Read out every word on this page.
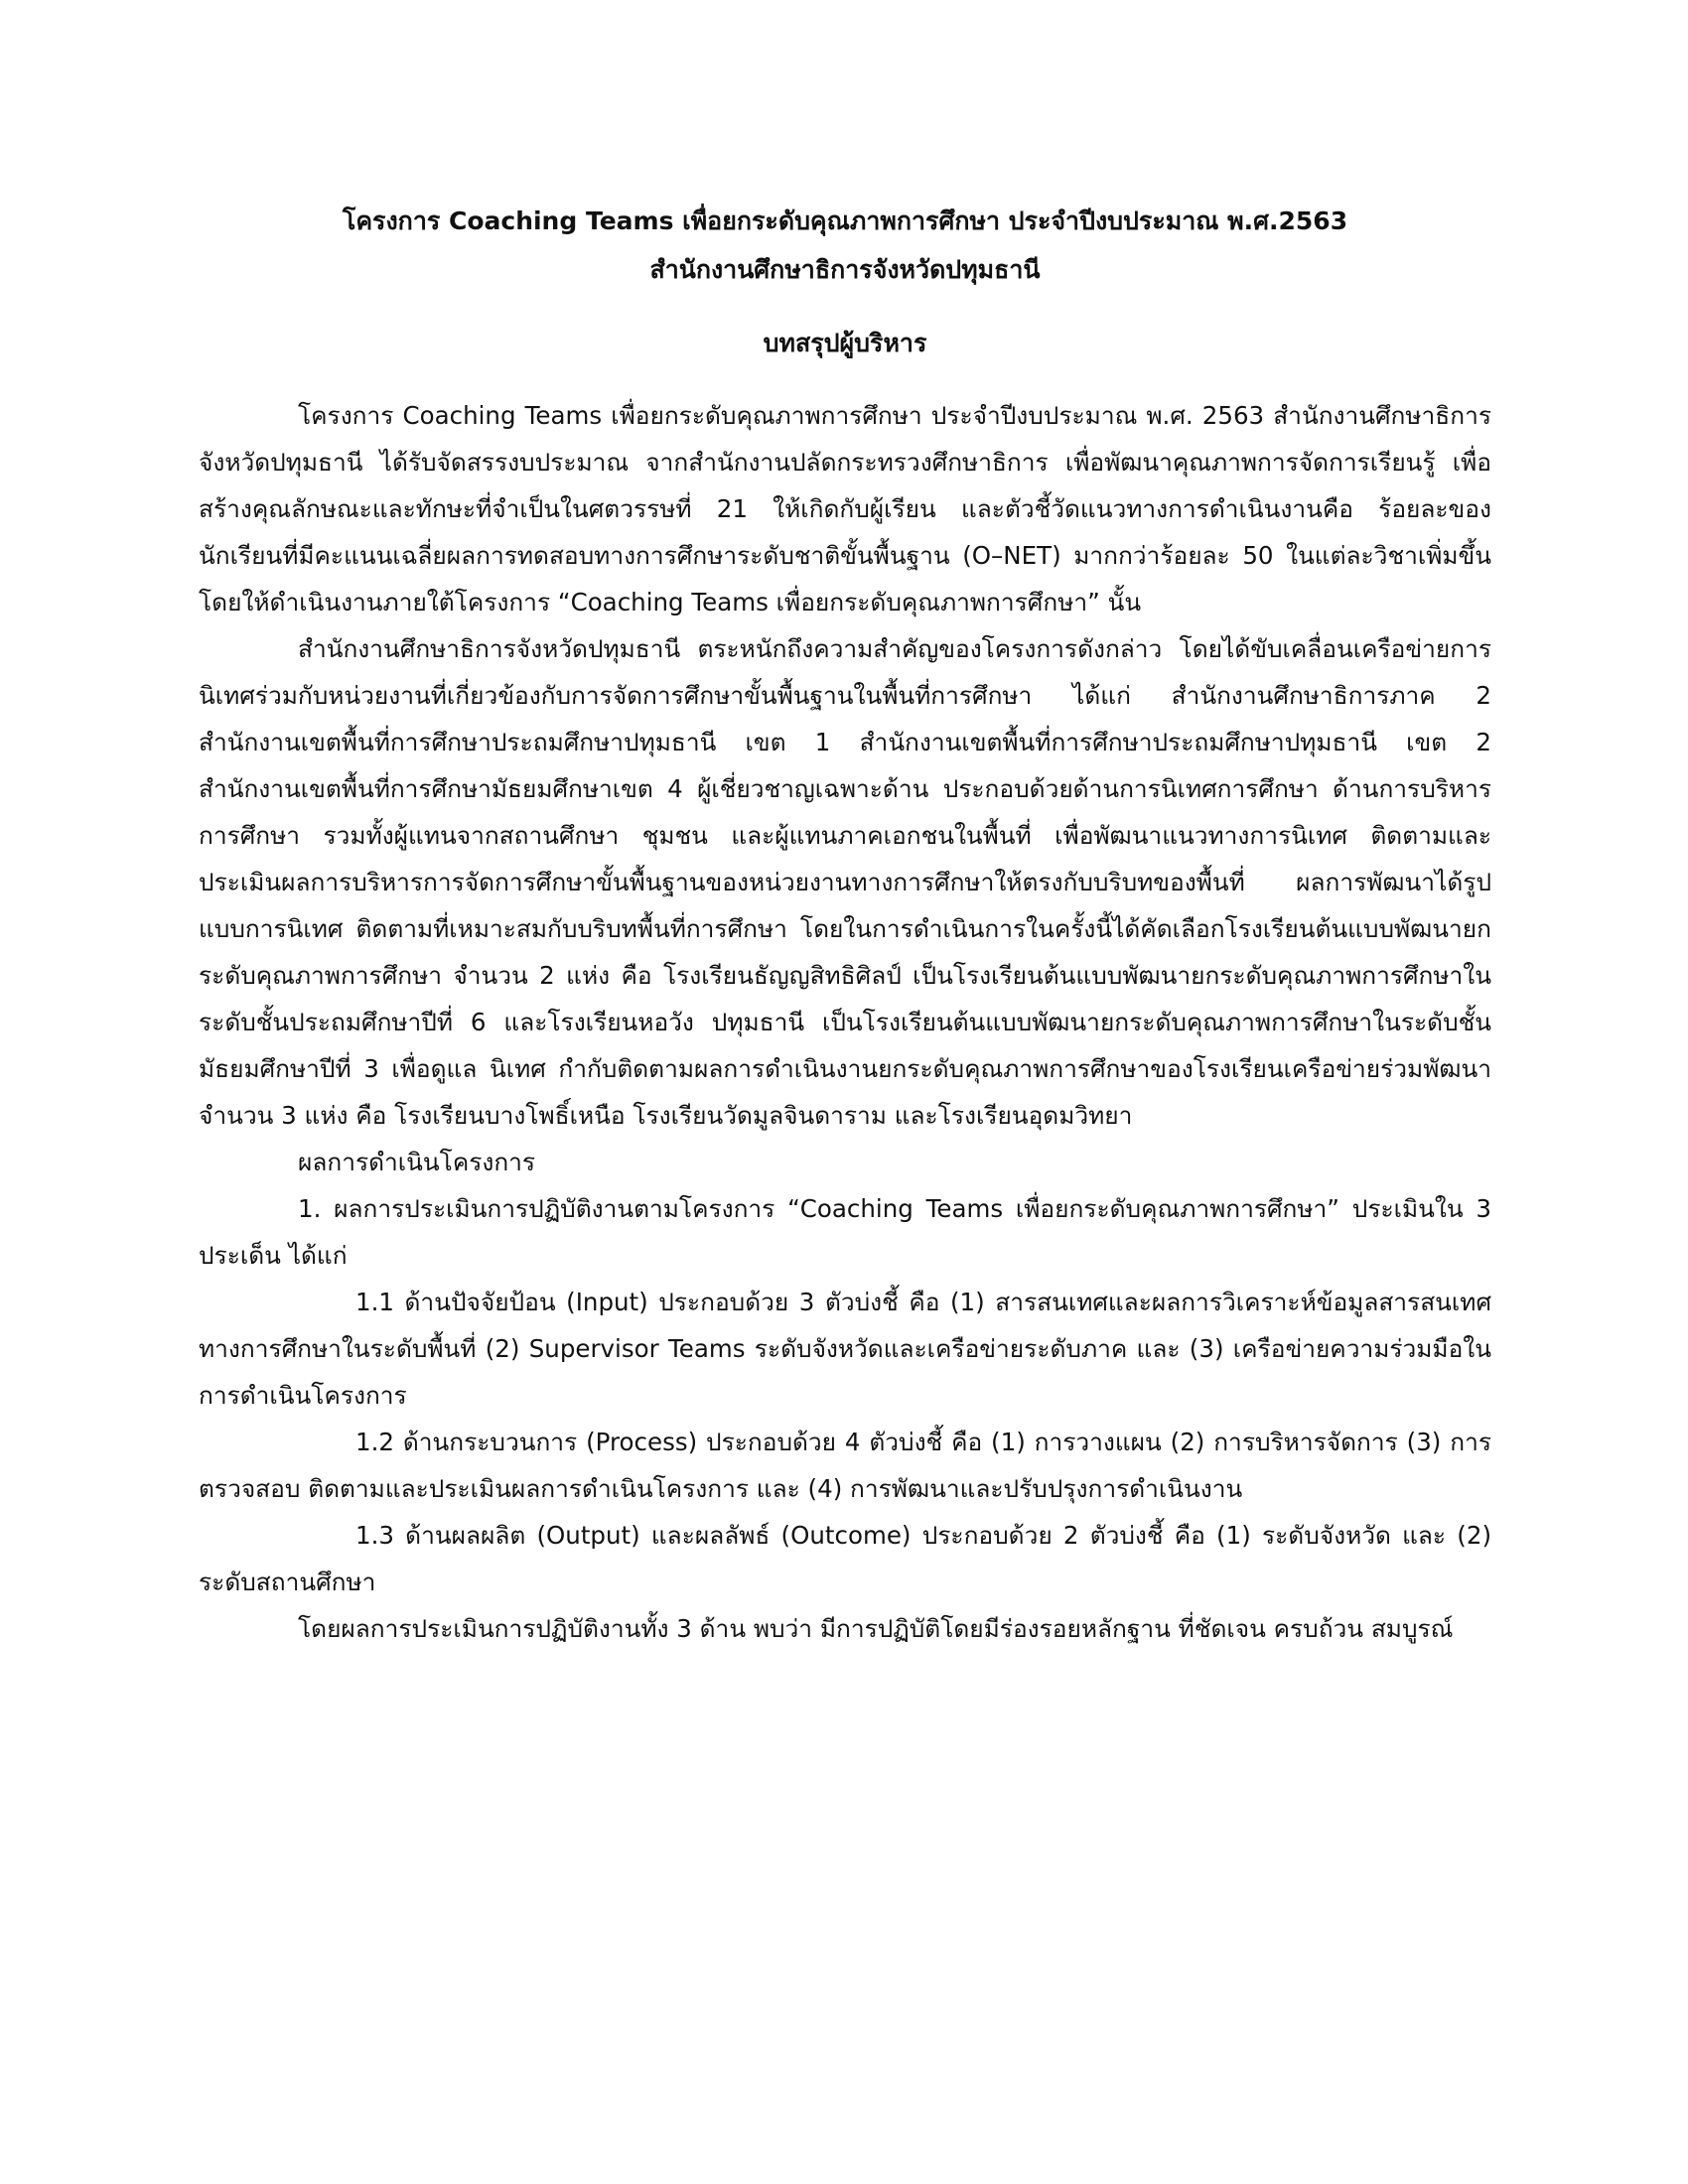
โครงการ Coaching Teams เพื่อยกระดับคุณภาพการศึกษา ประจำปีงบประมาณ พ.ศ.2563
สำนักงานศึกษาธิการจังหวัดปทุมธานี
บทสรุปผู้บริหาร

โครงการ Coaching Teams เพื่อยกระดับคุณภาพการศึกษา ประจำปีงบประมาณ พ.ศ. 2563 สำนักงานศึกษาธิการจังหวัดปทุมธานี ได้รับจัดสรรงบประมาณ จากสำนักงานปลัดกระทรวงศึกษาธิการ เพื่อพัฒนาคุณภาพการจัดการเรียนรู้ เพื่อสร้างคุณลักษณะและทักษะที่จำเป็นในศตวรรษที่ 21 ให้เกิดกับผู้เรียน และตัวชี้วัดแนวทางการดำเนินงานคือ ร้อยละของนักเรียนที่มีคะแนนเฉลี่ยผลการทดสอบทางการศึกษาระดับชาติขั้นพื้นฐาน (O–NET) มากกว่าร้อยละ 50 ในแต่ละวิชาเพิ่มขึ้น โดยให้ดำเนินงานภายใต้โครงการ “Coaching Teams เพื่อยกระดับคุณภาพการศึกษา” นั้น

สำนักงานศึกษาธิการจังหวัดปทุมธานี ตระหนักถึงความสำคัญของโครงการดังกล่าว โดยได้ขับเคลื่อนเครือข่ายการนิเทศร่วมกับหน่วยงานที่เกี่ยวข้องกับการจัดการศึกษาขั้นพื้นฐานในพื้นที่การศึกษา ได้แก่ สำนักงานศึกษาธิการภาค 2 สำนักงานเขตพื้นที่การศึกษาประถมศึกษาปทุมธานี เขต 1 สำนักงานเขตพื้นที่การศึกษาประถมศึกษาปทุมธานี เขต 2 สำนักงานเขตพื้นที่การศึกษามัธยมศึกษาเขต 4 ผู้เชี่ยวชาญเฉพาะด้าน ประกอบด้วยด้านการนิเทศการศึกษา ด้านการบริหารการศึกษา รวมทั้งผู้แทนจากสถานศึกษา ชุมชน และผู้แทนภาคเอกชนในพื้นที่ เพื่อพัฒนาแนวทางการนิเทศ ติดตามและประเมินผลการบริหารการจัดการศึกษาขั้นพื้นฐานของหน่วยงานทางการศึกษาให้ตรงกับบริบทของพื้นที่ ผลการพัฒนาได้รูปแบบการนิเทศ ติดตามที่เหมาะสมกับบริบทพื้นที่การศึกษา โดยในการดำเนินการในครั้งนี้ได้คัดเลือกโรงเรียนต้นแบบพัฒนายกระดับคุณภาพการศึกษา จำนวน 2 แห่ง คือ โรงเรียนธัญญสิทธิศิลป์ เป็นโรงเรียนต้นแบบพัฒนายกระดับคุณภาพการศึกษาในระดับชั้นประถมศึกษาปีที่ 6 และโรงเรียนหอวัง ปทุมธานี เป็นโรงเรียนต้นแบบพัฒนายกระดับคุณภาพการศึกษาในระดับชั้นมัธยมศึกษาปีที่ 3 เพื่อดูแล นิเทศ กำกับติดตามผลการดำเนินงานยกระดับคุณภาพการศึกษาของโรงเรียนเครือข่ายร่วมพัฒนาจำนวน 3 แห่ง คือ โรงเรียนบางโพธิ์เหนือ โรงเรียนวัดมูลจินดาราม และโรงเรียนอุดมวิทยา

ผลการดำเนินโครงการ

1. ผลการประเมินการปฏิบัติงานตามโครงการ “Coaching Teams เพื่อยกระดับคุณภาพการศึกษา” ประเมินใน 3 ประเด็น ได้แก่

1.1 ด้านปัจจัยป้อน (Input) ประกอบด้วย 3 ตัวบ่งชี้ คือ (1) สารสนเทศและผลการวิเคราะห์ข้อมูลสารสนเทศทางการศึกษาในระดับพื้นที่ (2) Supervisor Teams ระดับจังหวัดและเครือข่ายระดับภาค และ (3) เครือข่ายความร่วมมือในการดำเนินโครงการ

1.2 ด้านกระบวนการ (Process) ประกอบด้วย 4 ตัวบ่งชี้ คือ (1) การวางแผน (2) การบริหารจัดการ (3) การตรวจสอบ ติดตามและประเมินผลการดำเนินโครงการ และ (4) การพัฒนาและปรับปรุงการดำเนินงาน

1.3 ด้านผลผลิต (Output) และผลลัพธ์ (Outcome) ประกอบด้วย 2 ตัวบ่งชี้ คือ (1) ระดับจังหวัด และ (2) ระดับสถานศึกษา

โดยผลการประเมินการปฏิบัติงานทั้ง 3 ด้าน พบว่า มีการปฏิบัติโดยมีร่องรอยหลักฐาน ที่ชัดเจน ครบถ้วน สมบูรณ์
